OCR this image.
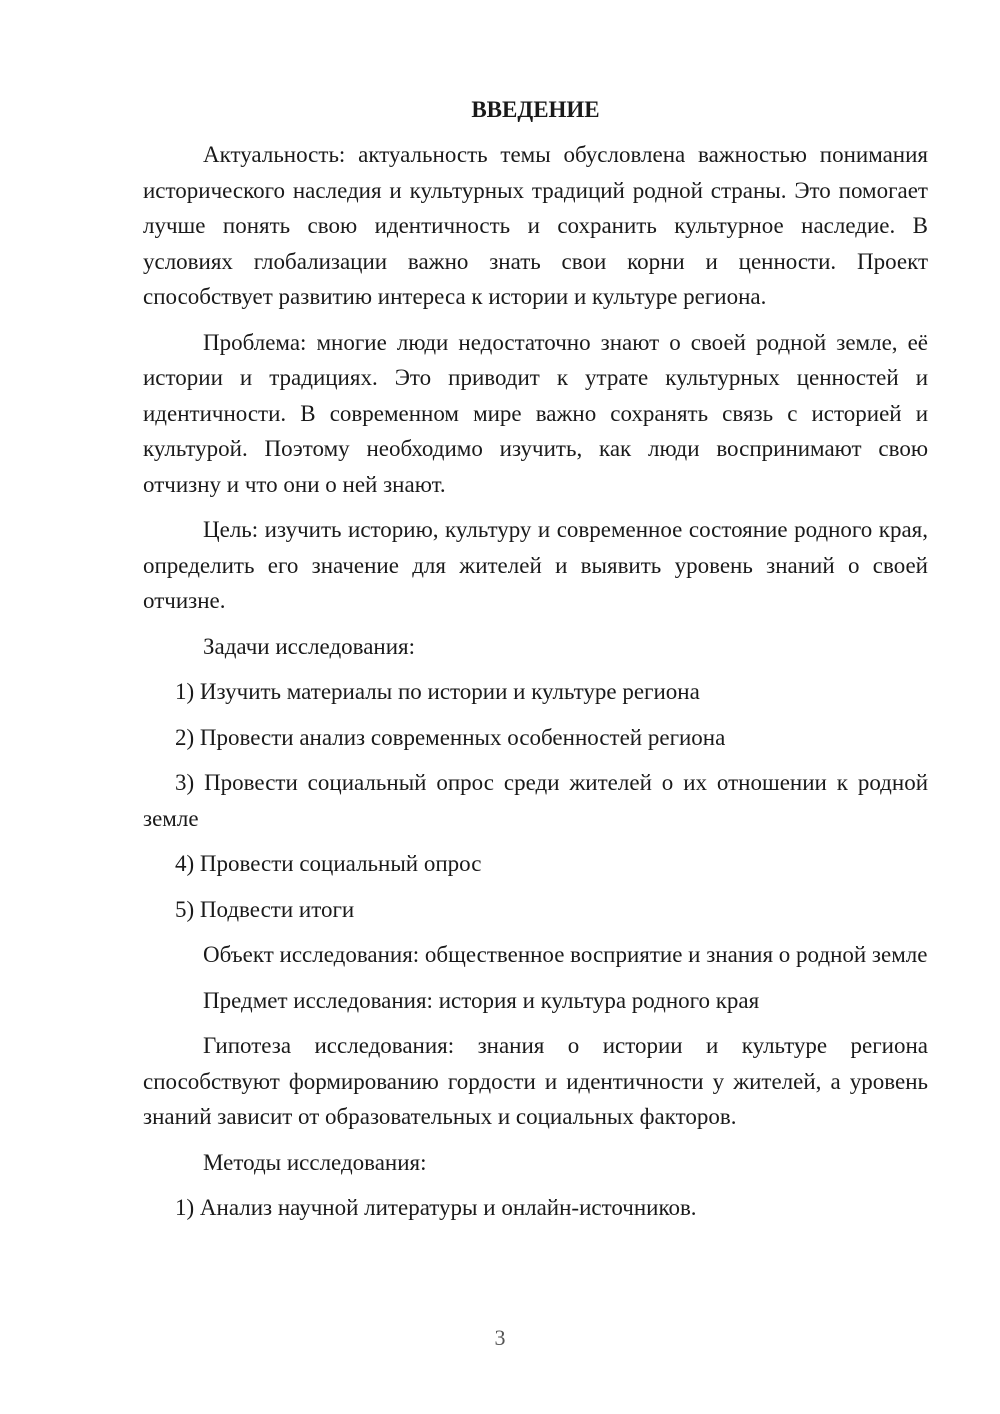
ВВЕДЕНИЕ

Актуальность: актуальность темы обусловлена важностью понимания исторического наследия и культурных традиций родной страны. Это помогает лучше понять свою идентичность и сохранить культурное наследие. В условиях глобализации важно знать свои корни и ценности. Проект способствует развитию интереса к истории и культуре региона.

Проблема: многие люди недостаточно знают о своей родной земле, её истории и традициях. Это приводит к утрате культурных ценностей и идентичности. В современном мире важно сохранять связь с историей и культурой. Поэтому необходимо изучить, как люди воспринимают свою отчизну и что они о ней знают.

Цель: изучить историю, культуру и современное состояние родного края, определить его значение для жителей и выявить уровень знаний о своей отчизне.

Задачи исследования:

1) Изучить материалы по истории и культуре региона

2) Провести анализ современных особенностей региона

3) Провести социальный опрос среди жителей о их отношении к родной земле

4) Провести социальный опрос

5) Подвести итоги

Объект исследования: общественное восприятие и знания о родной земле

Предмет исследования: история и культура родного края

Гипотеза исследования: знания о истории и культуре региона способствуют формированию гордости и идентичности у жителей, а уровень знаний зависит от образовательных и социальных факторов.

Методы исследования:

1) Анализ научной литературы и онлайн-источников.

3
